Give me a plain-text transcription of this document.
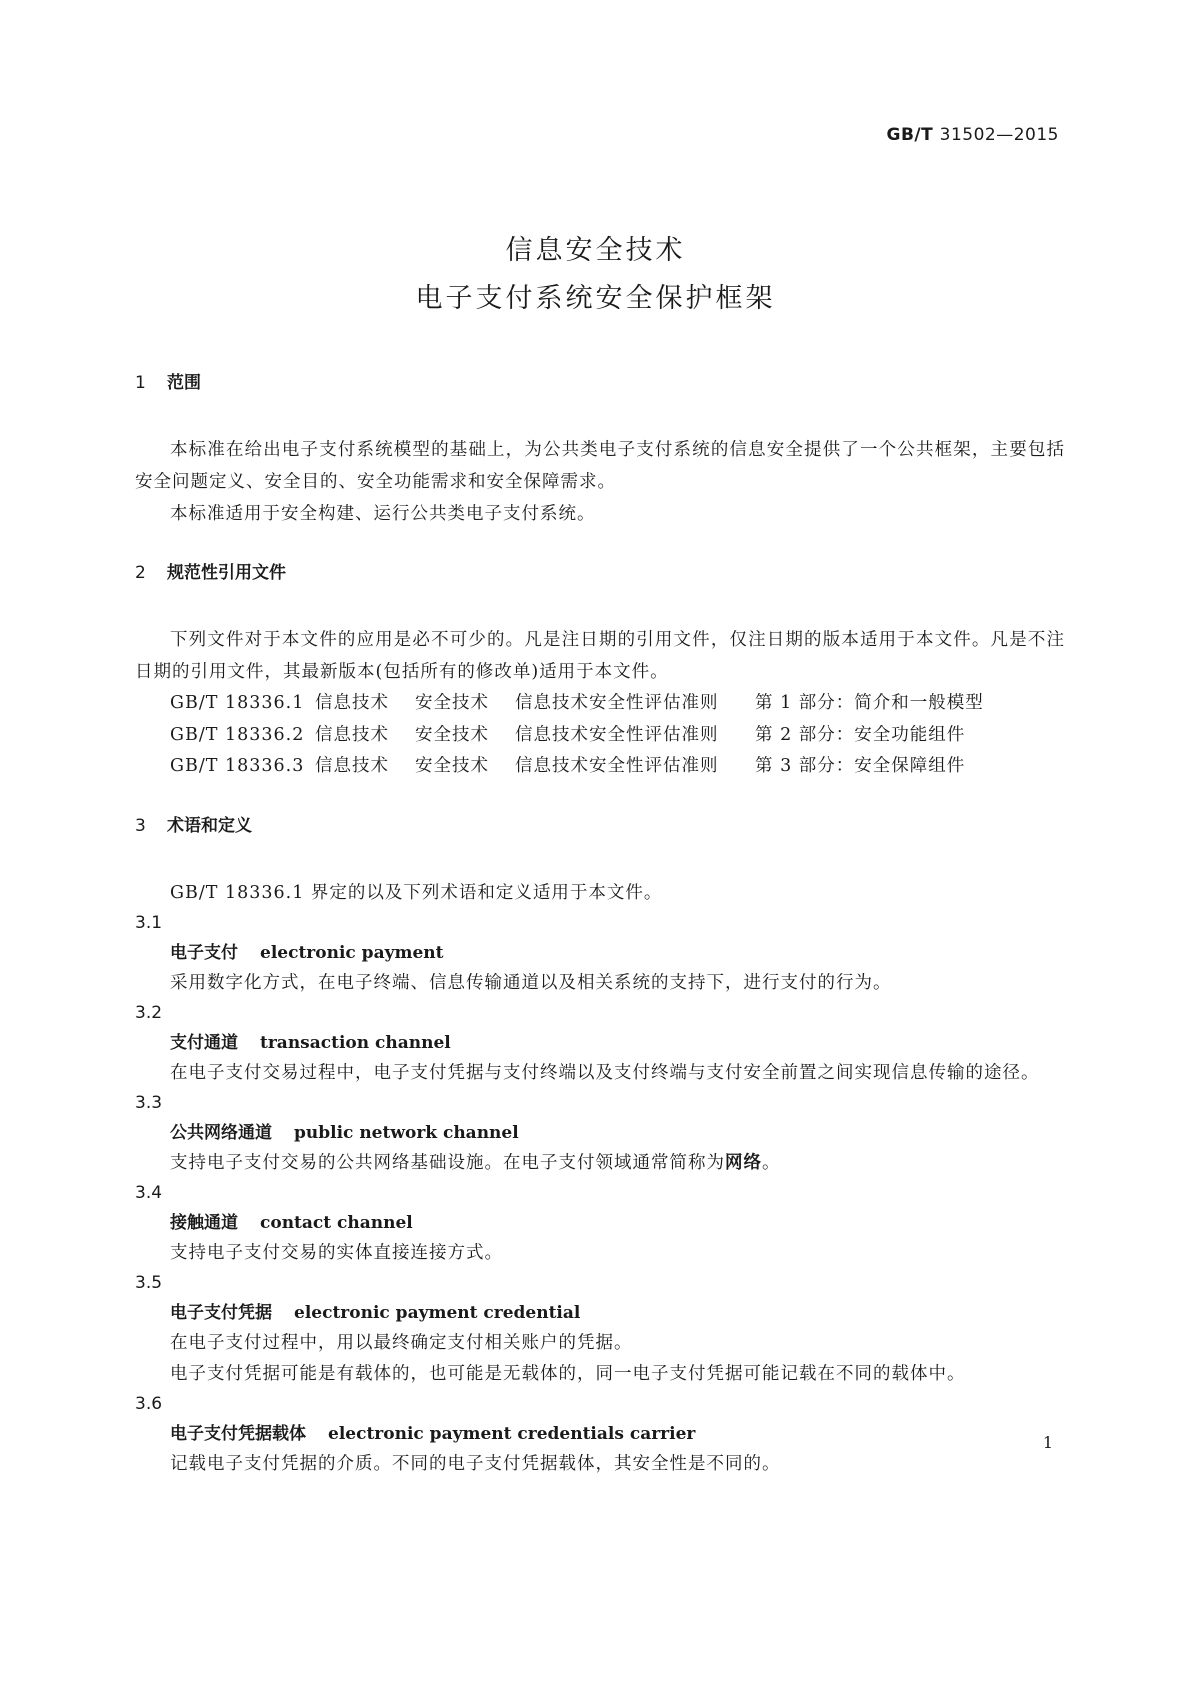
GB/T 31502—2015
信息安全技术
电子支付系统安全保护框架
1 范围
本标准在给出电子支付系统模型的基础上，为公共类电子支付系统的信息安全提供了一个公共框架，主要包括安全问题定义、安全目的、安全功能需求和安全保障需求。
本标准适用于安全构建、运行公共类电子支付系统。
2 规范性引用文件
下列文件对于本文件的应用是必不可少的。凡是注日期的引用文件，仅注日期的版本适用于本文件。凡是不注日期的引用文件，其最新版本(包括所有的修改单)适用于本文件。
GB/T 18336.1 信息技术 安全技术 信息技术安全性评估准则 第 1 部分：简介和一般模型
GB/T 18336.2 信息技术 安全技术 信息技术安全性评估准则 第 2 部分：安全功能组件
GB/T 18336.3 信息技术 安全技术 信息技术安全性评估准则 第 3 部分：安全保障组件
3 术语和定义
GB/T 18336.1 界定的以及下列术语和定义适用于本文件。
3.1
电子支付 electronic payment
采用数字化方式，在电子终端、信息传输通道以及相关系统的支持下，进行支付的行为。
3.2
支付通道 transaction channel
在电子支付交易过程中，电子支付凭据与支付终端以及支付终端与支付安全前置之间实现信息传输的途径。
3.3
公共网络通道 public network channel
支持电子支付交易的公共网络基础设施。在电子支付领域通常简称为网络。
3.4
接触通道 contact channel
支持电子支付交易的实体直接连接方式。
3.5
电子支付凭据 electronic payment credential
在电子支付过程中，用以最终确定支付相关账户的凭据。
电子支付凭据可能是有载体的，也可能是无载体的，同一电子支付凭据可能记载在不同的载体中。
3.6
电子支付凭据载体 electronic payment credentials carrier
记载电子支付凭据的介质。不同的电子支付凭据载体，其安全性是不同的。
1
